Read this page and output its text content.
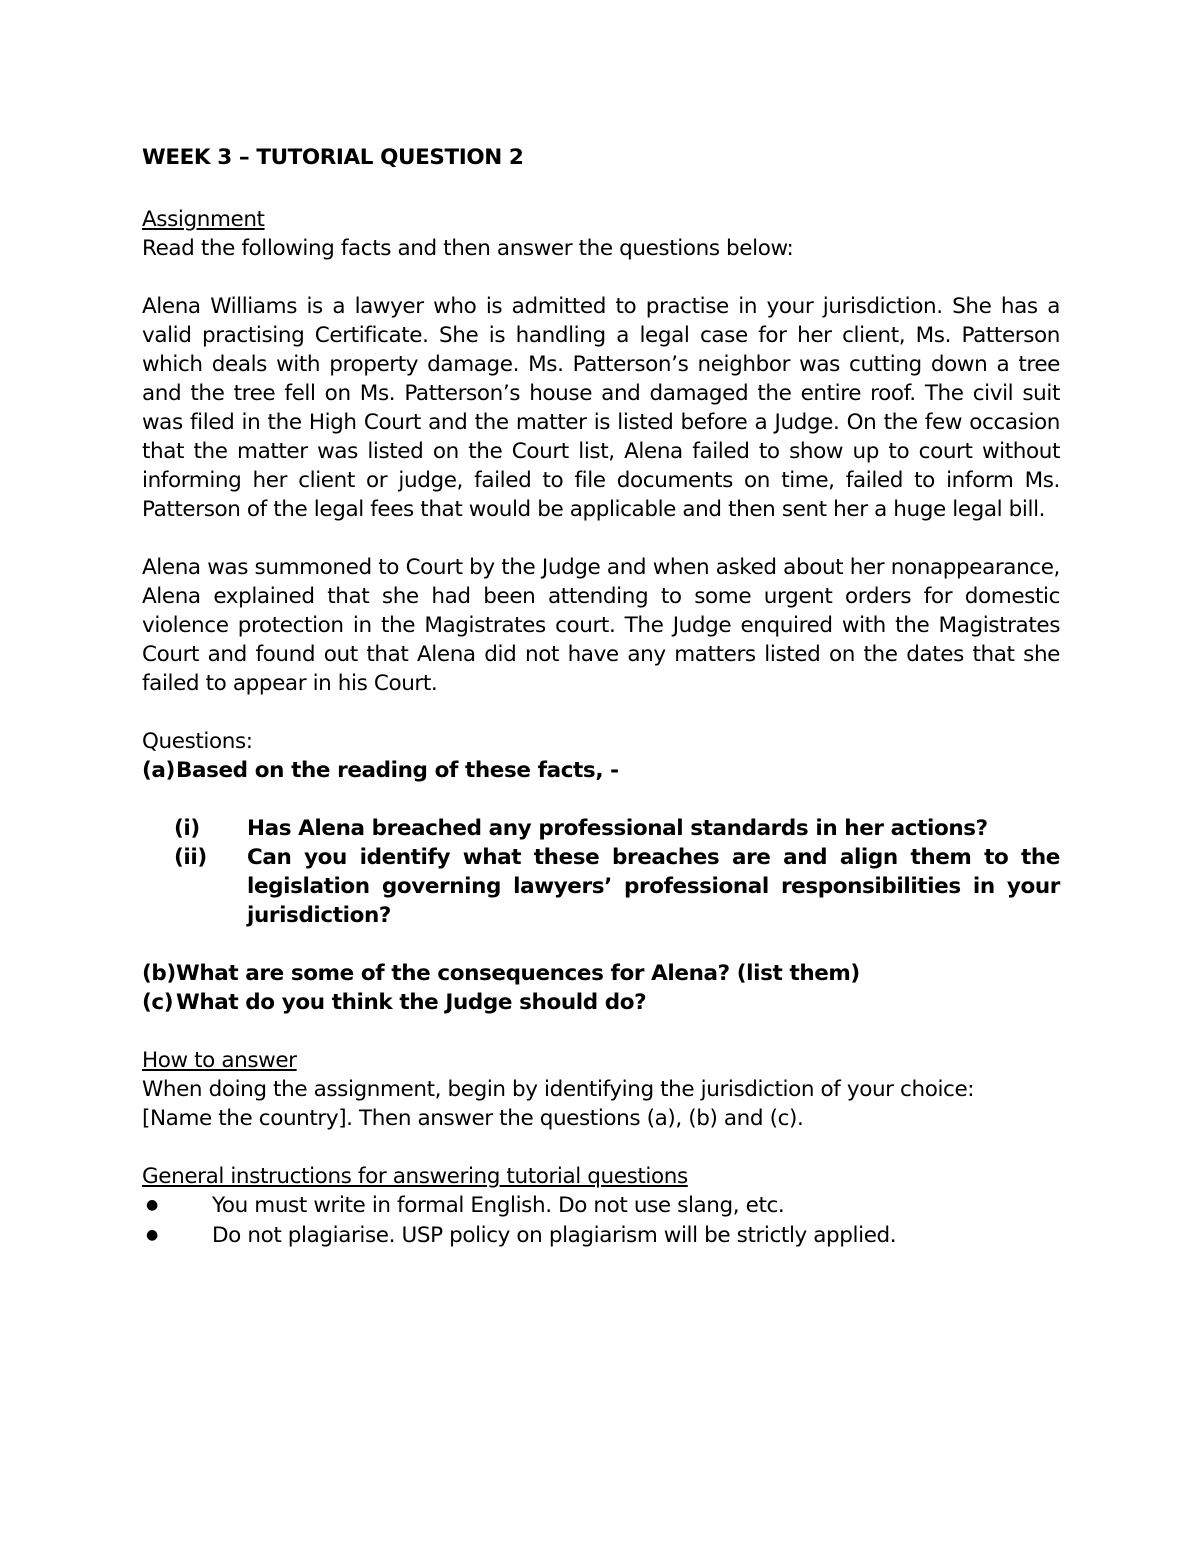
WEEK 3 – TUTORIAL QUESTION 2

Assignment

Read the following facts and then answer the questions below:

Alena Williams is a lawyer who is admitted to practise in your jurisdiction. She has a valid practising Certificate. She is handling a legal case for her client, Ms. Patterson which deals with property damage. Ms. Patterson’s neighbor was cutting down a tree and the tree fell on Ms. Patterson’s house and damaged the entire roof. The civil suit was filed in the High Court and the matter is listed before a Judge. On the few occasion that the matter was listed on the Court list, Alena failed to show up to court without informing her client or judge, failed to file documents on time, failed to inform Ms. Patterson of the legal fees that would be applicable and then sent her a huge legal bill.

Alena was summoned to Court by the Judge and when asked about her nonappearance, Alena explained that she had been attending to some urgent orders for domestic violence protection in the Magistrates court. The Judge enquired with the Magistrates Court and found out that Alena did not have any matters listed on the dates that she failed to appear in his Court.

Questions:

(a) Based on the reading of these facts, -
(i)	Has Alena breached any professional standards in her actions?
(ii)	Can you identify what these breaches are and align them to the legislation governing lawyers’ professional responsibilities in your jurisdiction?
(b) What are some of the consequences for Alena? (list them)
(c) What do you think the Judge should do?

How to answer

When doing the assignment, begin by identifying the jurisdiction of your choice:

[Name the country]. Then answer the questions (a), (b) and (c).

General instructions for answering tutorial questions

●	You must write in formal English. Do not use slang, etc.
●	Do not plagiarise. USP policy on plagiarism will be strictly applied.
